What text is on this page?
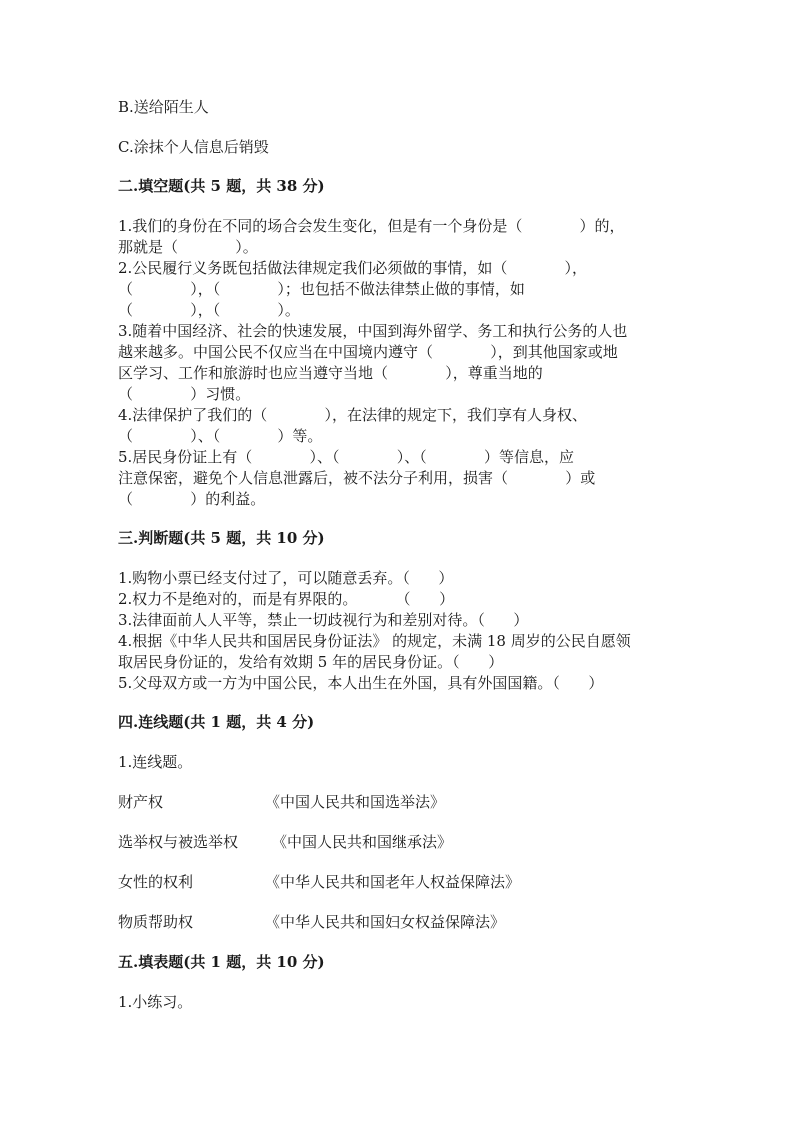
B.送给陌生人
C.涂抹个人信息后销毁
二.填空题(共 5 题，共 38 分)
1.我们的身份在不同的场合会发生变化，但是有一个身份是（            ）的，
那就是（            ）。
2.公民履行义务既包括做法律规定我们必须做的事情，如（            ），
（            ），（            ）；也包括不做法律禁止做的事情，如
（            ），（            ）。
3.随着中国经济、社会的快速发展，中国到海外留学、务工和执行公务的人也
越来越多。中国公民不仅应当在中国境内遵守（            ），到其他国家或地
区学习、工作和旅游时也应当遵守当地（            ），尊重当地的
（            ）习惯。
4.法律保护了我们的（            ），在法律的规定下，我们享有人身权、
（            ）、（            ）等。
5.居民身份证上有（            ）、（            ）、（            ）等信息，应
注意保密，避免个人信息泄露后，被不法分子利用，损害（            ）或
（            ）的利益。
三.判断题(共 5 题，共 10 分)
1.购物小票已经支付过了，可以随意丢弃。（      ）
2.权力不是绝对的，而是有界限的。        （      ）
3.法律面前人人平等，禁止一切歧视行为和差别对待。（      ）
4.根据《中华人民共和国居民身份证法》 的规定，未满 18 周岁的公民自愿领
取居民身份证的，发给有效期 5 年的居民身份证。（      ）
5.父母双方或一方为中国公民，本人出生在外国，具有外国国籍。（      ）
四.连线题(共 1 题，共 4 分)
1.连线题。
财产权	《中国人民共和国选举法》
选举权与被选举权 《中国人民共和国继承法》
女性的权利	《中华人民共和国老年人权益保障法》
物质帮助权	《中华人民共和国妇女权益保障法》
五.填表题(共 1 题，共 10 分)
1.小练习。
